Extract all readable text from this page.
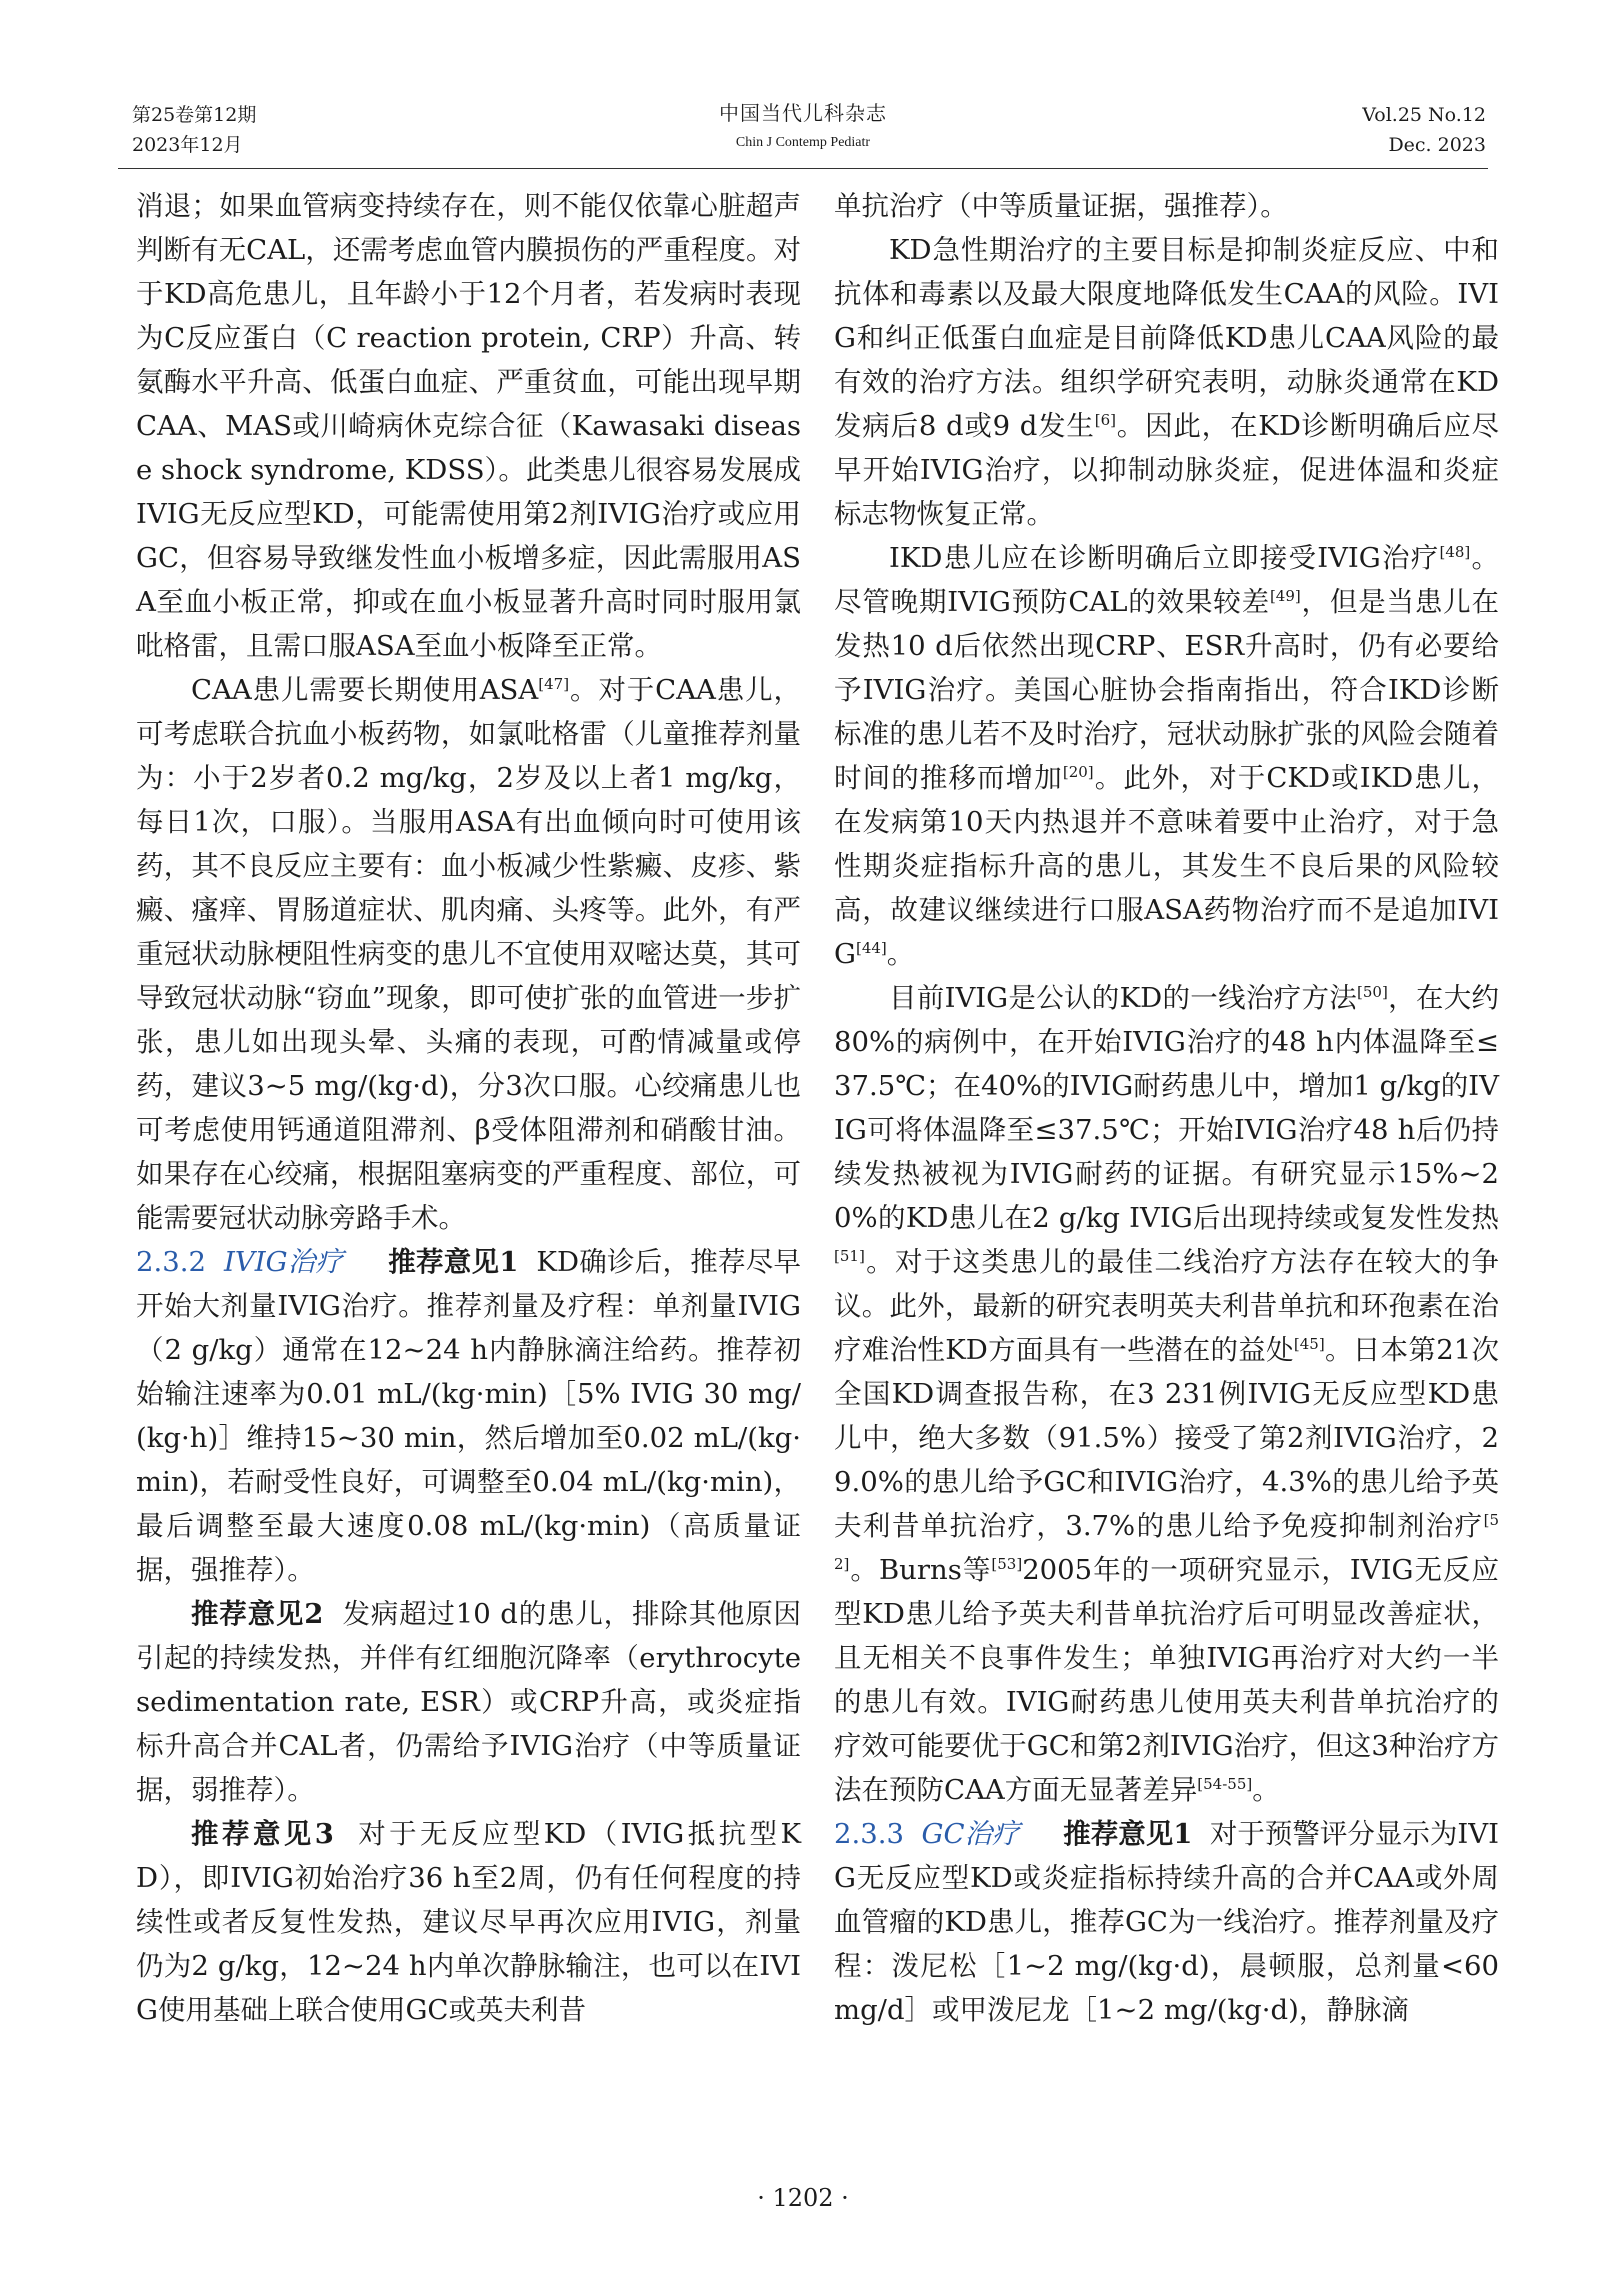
第25卷第12期
2023年12月
中国当代儿科杂志
Chin J Contemp Pediatr
Vol.25 No.12
Dec. 2023

消退；如果血管病变持续存在，则不能仅依靠心脏超声判断有无CAL，还需考虑血管内膜损伤的严重程度。对于KD高危患儿，且年龄小于12个月者，若发病时表现为C反应蛋白（C reaction protein, CRP）升高、转氨酶水平升高、低蛋白血症、严重贫血，可能出现早期CAA、MAS或川崎病休克综合征（Kawasaki disease shock syndrome, KDSS）。此类患儿很容易发展成IVIG无反应型KD，可能需使用第2剂IVIG治疗或应用GC，但容易导致继发性血小板增多症，因此需服用ASA至血小板正常，抑或在血小板显著升高时同时服用氯吡格雷，且需口服ASA至血小板降至正常。

CAA患儿需要长期使用ASA[47]。对于CAA患儿，可考虑联合抗血小板药物，如氯吡格雷（儿童推荐剂量为：小于2岁者0.2 mg/kg，2岁及以上者1 mg/kg，每日1次，口服）。当服用ASA有出血倾向时可使用该药，其不良反应主要有：血小板减少性紫癜、皮疹、紫癜、瘙痒、胃肠道症状、肌肉痛、头疼等。此外，有严重冠状动脉梗阻性病变的患儿不宜使用双嘧达莫，其可导致冠状动脉“窃血”现象，即可使扩张的血管进一步扩张，患儿如出现头晕、头痛的表现，可酌情减量或停药，建议3~5 mg/(kg·d)，分3次口服。心绞痛患儿也可考虑使用钙通道阻滞剂、β受体阻滞剂和硝酸甘油。如果存在心绞痛，根据阻塞病变的严重程度、部位，可能需要冠状动脉旁路手术。

2.3.2 IVIG治疗 推荐意见1 KD确诊后，推荐尽早开始大剂量IVIG治疗。推荐剂量及疗程：单剂量IVIG（2 g/kg）通常在12~24 h内静脉滴注给药。推荐初始输注速率为0.01 mL/(kg·min)［5% IVIG 30 mg/(kg·h)］维持15~30 min，然后增加至0.02 mL/(kg·min)，若耐受性良好，可调整至0.04 mL/(kg·min)，最后调整至最大速度0.08 mL/(kg·min)（高质量证据，强推荐）。

推荐意见2 发病超过10 d的患儿，排除其他原因引起的持续发热，并伴有红细胞沉降率（erythrocyte sedimentation rate, ESR）或CRP升高，或炎症指标升高合并CAL者，仍需给予IVIG治疗（中等质量证据，弱推荐）。

推荐意见3 对于无反应型KD（IVIG抵抗型KD），即IVIG初始治疗36 h至2周，仍有任何程度的持续性或者反复性发热，建议尽早再次应用IVIG，剂量仍为2 g/kg，12~24 h内单次静脉输注，也可以在IVIG使用基础上联合使用GC或英夫利昔

单抗治疗（中等质量证据，强推荐）。

KD急性期治疗的主要目标是抑制炎症反应、中和抗体和毒素以及最大限度地降低发生CAA的风险。IVIG和纠正低蛋白血症是目前降低KD患儿CAA风险的最有效的治疗方法。组织学研究表明，动脉炎通常在KD发病后8 d或9 d发生[6]。因此，在KD诊断明确后应尽早开始IVIG治疗，以抑制动脉炎症，促进体温和炎症标志物恢复正常。

IKD患儿应在诊断明确后立即接受IVIG治疗[48]。尽管晚期IVIG预防CAL的效果较差[49]，但是当患儿在发热10 d后依然出现CRP、ESR升高时，仍有必要给予IVIG治疗。美国心脏协会指南指出，符合IKD诊断标准的患儿若不及时治疗，冠状动脉扩张的风险会随着时间的推移而增加[20]。此外，对于CKD或IKD患儿，在发病第10天内热退并不意味着要中止治疗，对于急性期炎症指标升高的患儿，其发生不良后果的风险较高，故建议继续进行口服ASA药物治疗而不是追加IVIG[44]。

目前IVIG是公认的KD的一线治疗方法[50]，在大约80%的病例中，在开始IVIG治疗的48 h内体温降至≤37.5℃；在40%的IVIG耐药患儿中，增加1 g/kg的IVIG可将体温降至≤37.5℃；开始IVIG治疗48 h后仍持续发热被视为IVIG耐药的证据。有研究显示15%~20%的KD患儿在2 g/kg IVIG后出现持续或复发性发热[51]。对于这类患儿的最佳二线治疗方法存在较大的争议。此外，最新的研究表明英夫利昔单抗和环孢素在治疗难治性KD方面具有一些潜在的益处[45]。日本第21次全国KD调查报告称，在3 231例IVIG无反应型KD患儿中，绝大多数（91.5%）接受了第2剂IVIG治疗，29.0%的患儿给予GC和IVIG治疗，4.3%的患儿给予英夫利昔单抗治疗，3.7%的患儿给予免疫抑制剂治疗[52]。Burns等[53]2005年的一项研究显示，IVIG无反应型KD患儿给予英夫利昔单抗治疗后可明显改善症状，且无相关不良事件发生；单独IVIG再治疗对大约一半的患儿有效。IVIG耐药患儿使用英夫利昔单抗治疗的疗效可能要优于GC和第2剂IVIG治疗，但这3种治疗方法在预防CAA方面无显著差异[54-55]。

2.3.3 GC治疗 推荐意见1 对于预警评分显示为IVIG无反应型KD或炎症指标持续升高的合并CAA或外周血管瘤的KD患儿，推荐GC为一线治疗。推荐剂量及疗程：泼尼松［1~2 mg/(kg·d)，晨顿服，总剂量<60 mg/d］或甲泼尼龙［1~2 mg/(kg·d)，静脉滴

· 1202 ·
